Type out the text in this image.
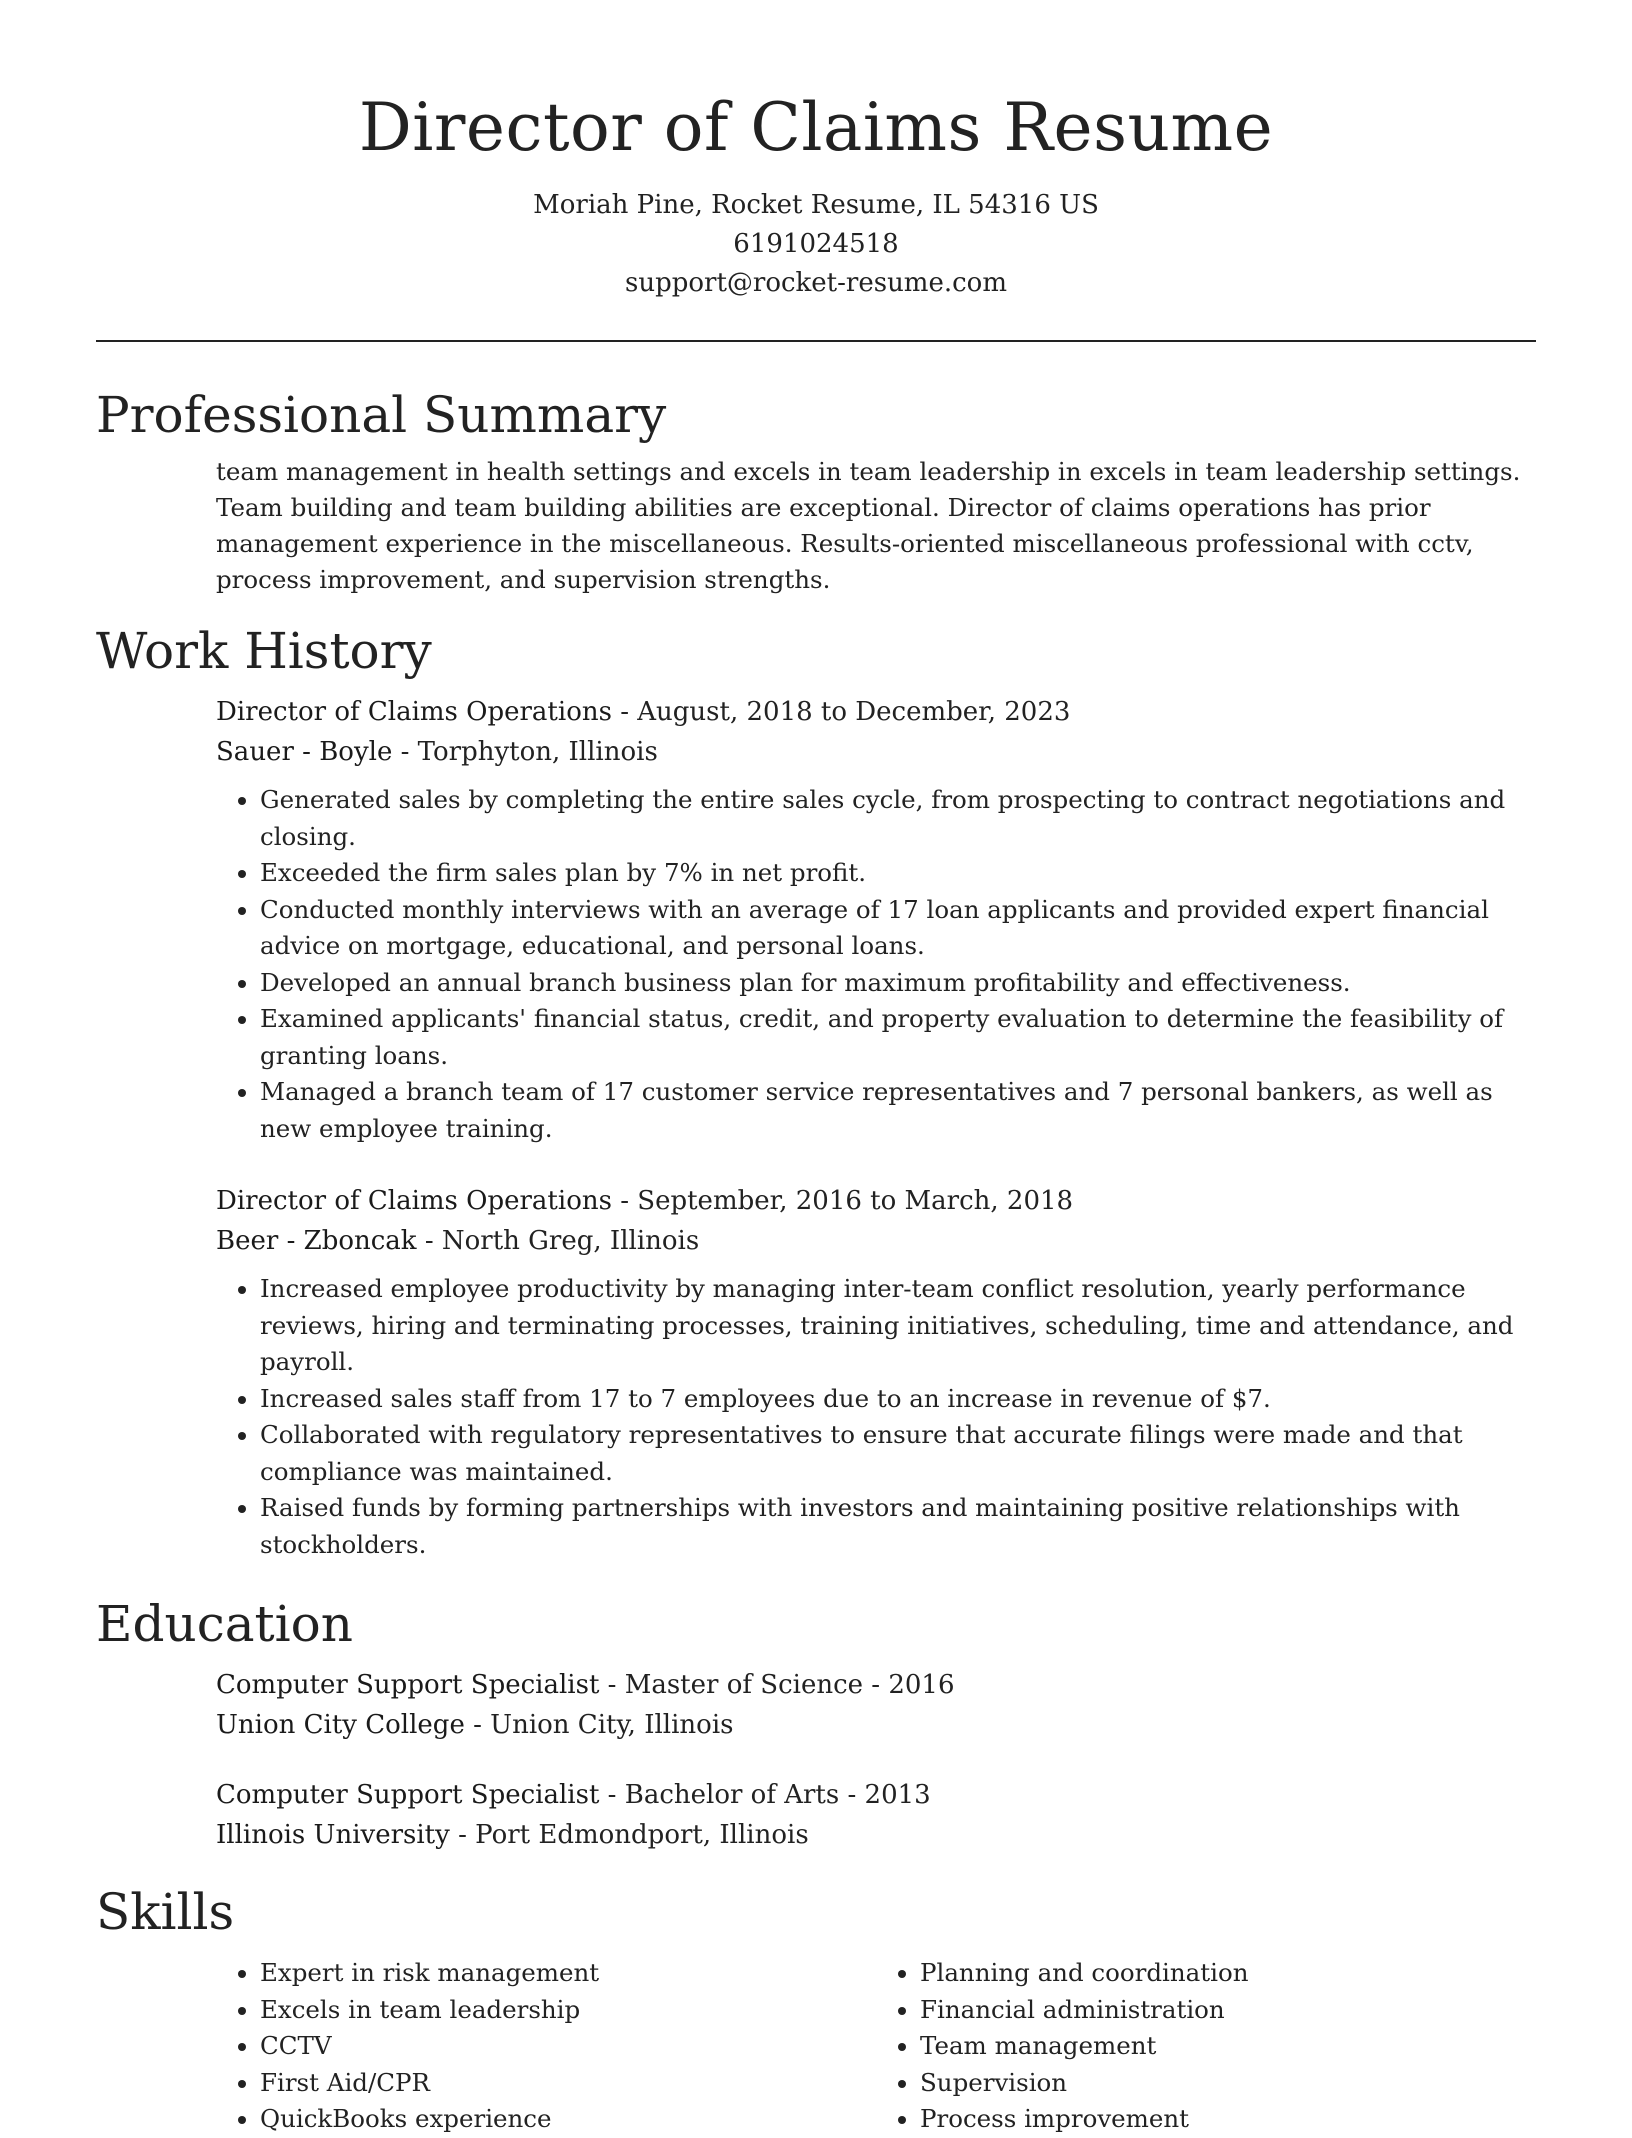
Director of Claims Resume
Moriah Pine, Rocket Resume, IL 54316 US
6191024518
support@rocket-resume.com
Professional Summary

team management in health settings and excels in team leadership in excels in team leadership settings. Team building and team building abilities are exceptional. Director of claims operations has prior management experience in the miscellaneous. Results-oriented miscellaneous professional with cctv, process improvement, and supervision strengths.

Work History
Director of Claims Operations - August, 2018 to December, 2023
Sauer - Boyle - Torphyton, Illinois
• Generated sales by completing the entire sales cycle, from prospecting to contract negotiations and closing.
• Exceeded the firm sales plan by 7% in net profit.
• Conducted monthly interviews with an average of 17 loan applicants and provided expert financial advice on mortgage, educational, and personal loans.
• Developed an annual branch business plan for maximum profitability and effectiveness.
• Examined applicants' financial status, credit, and property evaluation to determine the feasibility of granting loans.
• Managed a branch team of 17 customer service representatives and 7 personal bankers, as well as new employee training.
Director of Claims Operations - September, 2016 to March, 2018
Beer - Zboncak - North Greg, Illinois
• Increased employee productivity by managing inter-team conflict resolution, yearly performance reviews, hiring and terminating processes, training initiatives, scheduling, time and attendance, and payroll.
• Increased sales staff from 17 to 7 employees due to an increase in revenue of $7.
• Collaborated with regulatory representatives to ensure that accurate filings were made and that compliance was maintained.
• Raised funds by forming partnerships with investors and maintaining positive relationships with stockholders.
Education
Computer Support Specialist - Master of Science - 2016
Union City College - Union City, Illinois
Computer Support Specialist - Bachelor of Arts - 2013
Illinois University - Port Edmondport, Illinois
Skills
• Expert in risk management
• Excels in team leadership
• CCTV
• First Aid/CPR
• QuickBooks experience
• Planning and coordination
• Financial administration
• Team management
• Supervision
• Process improvement
